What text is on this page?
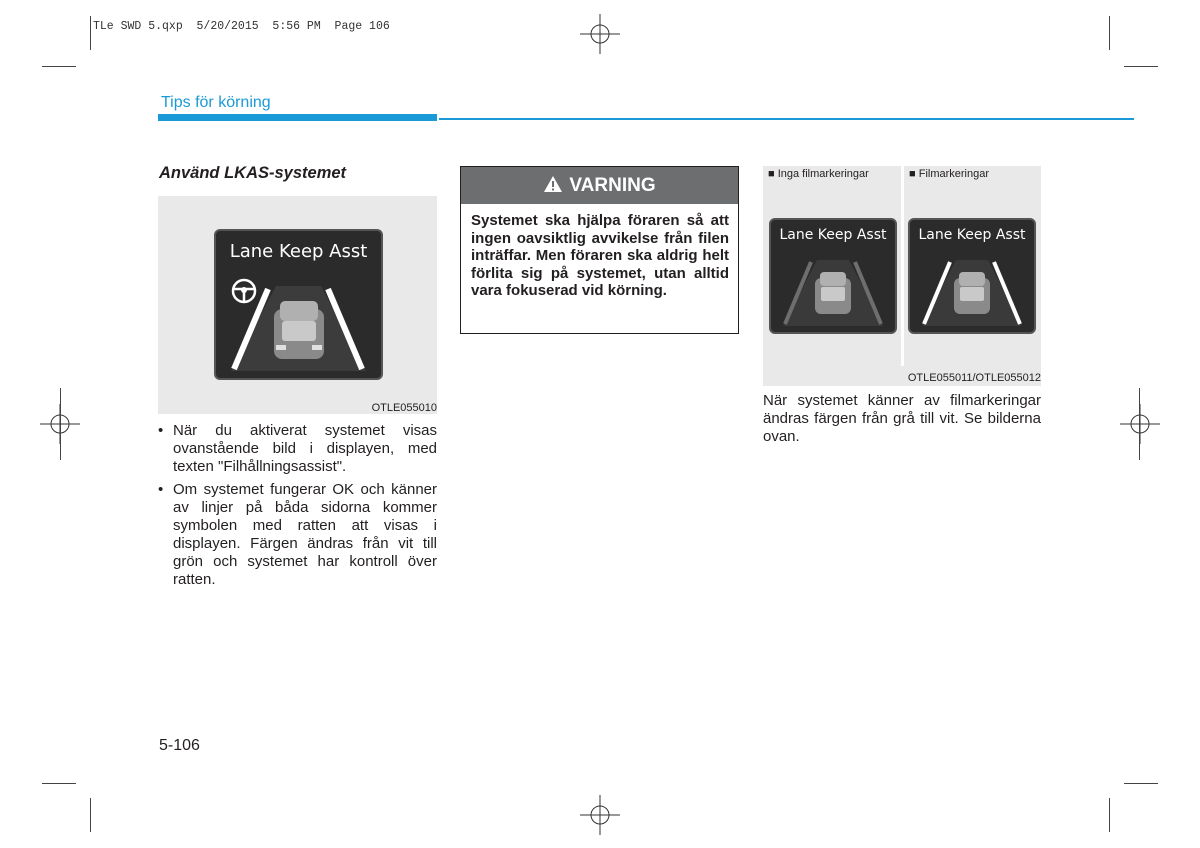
TLe SWD 5.qxp  5/20/2015  5:56 PM  Page 106
Tips för körning
Använd LKAS-systemet
Lane Keep Asst
OTLE055010
• När du aktiverat systemet visas ovanstående bild i displayen, med texten "Filhållningsassist".
• Om systemet fungerar OK och känner av linjer på båda sidorna kommer symbolen med ratten att visas i displayen. Färgen ändras från vit till grön och systemet har kontroll över ratten.
VARNING
Systemet ska hjälpa föraren så att ingen oavsiktlig avvikelse från filen inträffar. Men föraren ska aldrig helt förlita sig på systemet, utan alltid vara fokuserad vid körning.
■ Inga filmarkeringar	■ Filmarkeringar
Lane Keep Asst	Lane Keep Asst
OTLE055011/OTLE055012
När systemet känner av filmarkeringar ändras färgen från grå till vit. Se bilderna ovan.
5-106
